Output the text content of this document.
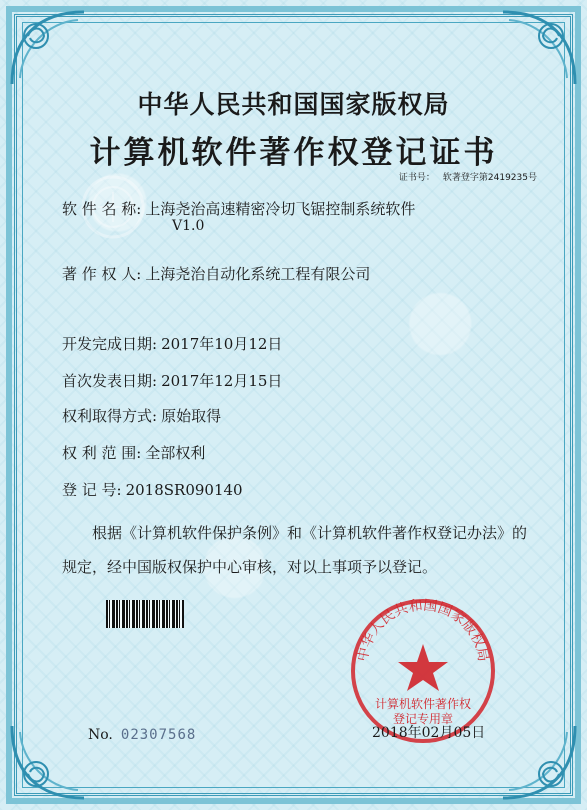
中华人民共和国国家版权局
计算机软件著作权登记证书
证书号： 软著登字第2419235号
软 件 名 称: 上海尧治高速精密冷切飞锯控制系统软件
V1.0
著 作 权 人: 上海尧治自动化系统工程有限公司
开发完成日期: 2017年10月12日
首次发表日期: 2017年12月15日
权利取得方式: 原始取得
权 利 范 围: 全部权利
登 记 号: 2018SR090140
根据《计算机软件保护条例》和《计算机软件著作权登记办法》的
规定，经中国版权保护中心审核，对以上事项予以登记。
中华人民共和国国家版权局
计算机软件著作权
登记专用章
2018年02月05日
No. 02307568
